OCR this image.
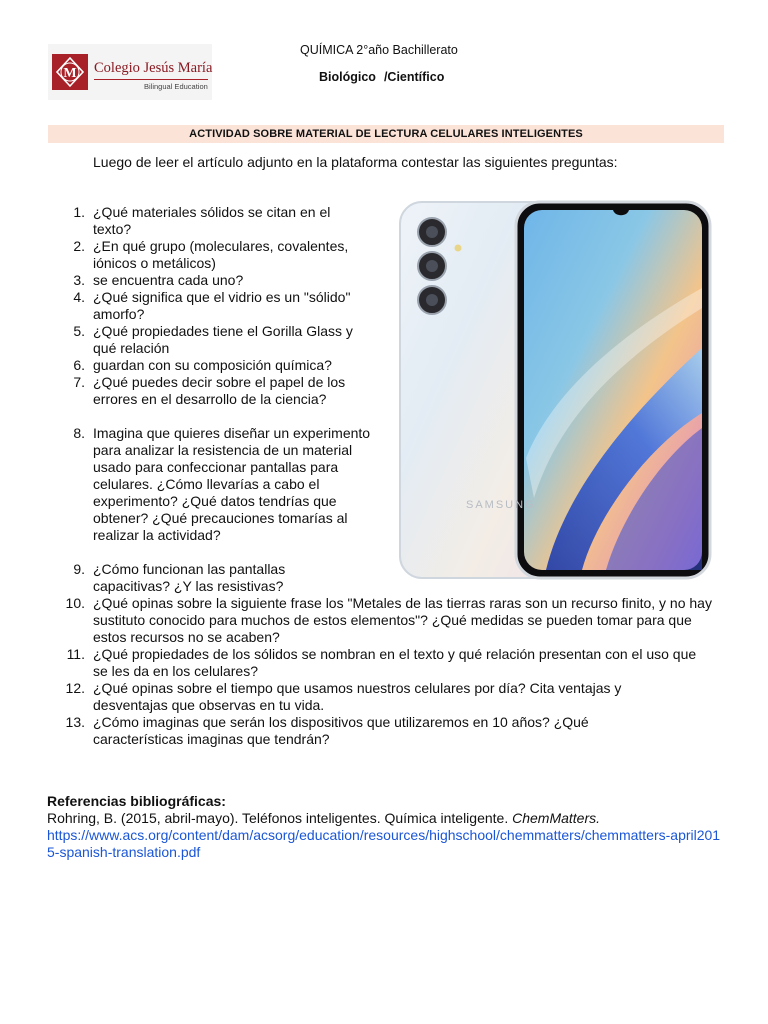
M Colegio Jesús María
Bilingual Education
QUÍMICA 2°año Bachillerato
Biológico /Científico
ACTIVIDAD SOBRE MATERIAL DE LECTURA CELULARES INTELIGENTES
Luego de leer el artículo adjunto en la plataforma contestar las siguientes preguntas:
1. ¿Qué materiales sólidos se citan en el texto?
2. ¿En qué grupo (moleculares, covalentes, iónicos o metálicos)
3. se encuentra cada uno?
4. ¿Qué significa que el vidrio es un "sólido" amorfo?
5. ¿Qué propiedades tiene el Gorilla Glass y qué relación
6. guardan con su composición química?
7. ¿Qué puedes decir sobre el papel de los errores en el desarrollo de la ciencia?
8. Imagina que quieres diseñar un experimento para analizar la resistencia de un material usado para confeccionar pantallas para celulares. ¿Cómo llevarías a cabo el experimento? ¿Qué datos tendrías que obtener? ¿Qué precauciones tomarías al realizar la actividad?
9. ¿Cómo funcionan las pantallas capacitivas? ¿Y las resistivas?
10. ¿Qué opinas sobre la siguiente frase los "Metales de las tierras raras son un recurso finito, y no hay sustituto conocido para muchos de estos elementos"? ¿Qué medidas se pueden tomar para que estos recursos no se acaben?
11. ¿Qué propiedades de los sólidos se nombran en el texto y qué relación presentan con el uso que se les da en los celulares?
12. ¿Qué opinas sobre el tiempo que usamos nuestros celulares por día? Cita ventajas y desventajas que observas en tu vida.
13. ¿Cómo imaginas que serán los dispositivos que utilizaremos en 10 años? ¿Qué características imaginas que tendrán?
SAMSUNG
Referencias bibliográficas:
Rohring, B. (2015, abril-mayo). Teléfonos inteligentes. Química inteligente. ChemMatters.
https://www.acs.org/content/dam/acsorg/education/resources/highschool/chemmatters/chemmatters-april2015-spanish-translation.pdf
